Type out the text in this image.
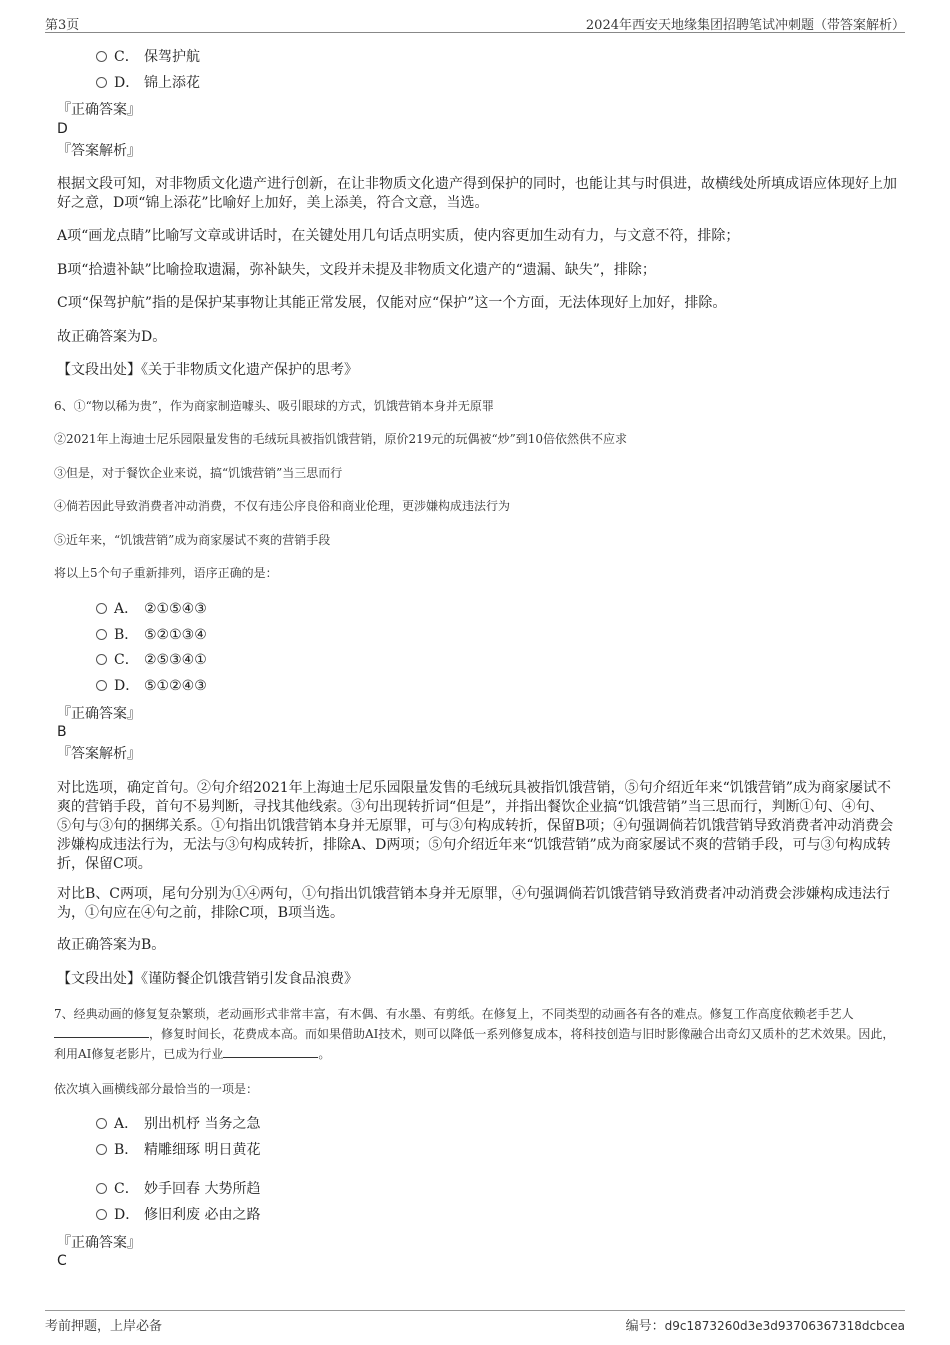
第3页	2024年西安天地缘集团招聘笔试冲刺题（带答案解析）
C． 保驾护航
D． 锦上添花
『正确答案』
D
『答案解析』
根据文段可知，对非物质文化遗产进行创新，在让非物质文化遗产得到保护的同时，也能让其与时俱进，故横线处所填成语应体现好上加好之意，D项“锦上添花”比喻好上加好，美上添美，符合文意，当选。
A项“画龙点睛”比喻写文章或讲话时，在关键处用几句话点明实质，使内容更加生动有力，与文意不符，排除；
B项“拾遗补缺”比喻捡取遗漏，弥补缺失，文段并未提及非物质文化遗产的“遗漏、缺失”，排除；
C项“保驾护航”指的是保护某事物让其能正常发展，仅能对应“保护”这一个方面，无法体现好上加好，排除。
故正确答案为D。
【文段出处】《关于非物质文化遗产保护的思考》
6、①“物以稀为贵”，作为商家制造噱头、吸引眼球的方式，饥饿营销本身并无原罪
②2021年上海迪士尼乐园限量发售的毛绒玩具被指饥饿营销，原价219元的玩偶被“炒”到10倍依然供不应求
③但是，对于餐饮企业来说，搞“饥饿营销”当三思而行
④倘若因此导致消费者冲动消费，不仅有违公序良俗和商业伦理，更涉嫌构成违法行为
⑤近年来，“饥饿营销”成为商家屡试不爽的营销手段
将以上5个句子重新排列，语序正确的是：
A． ②①⑤④③
B． ⑤②①③④
C． ②⑤③④①
D． ⑤①②④③
『正确答案』
B
『答案解析』
对比选项，确定首句。②句介绍2021年上海迪士尼乐园限量发售的毛绒玩具被指饥饿营销，⑤句介绍近年来“饥饿营销”成为商家屡试不爽的营销手段，首句不易判断，寻找其他线索。③句出现转折词“但是”，并指出餐饮企业搞“饥饿营销”当三思而行，判断①句、④句、⑤句与③句的捆绑关系。①句指出饥饿营销本身并无原罪，可与③句构成转折，保留B项；④句强调倘若饥饿营销导致消费者冲动消费会涉嫌构成违法行为，无法与③句构成转折，排除A、D两项；⑤句介绍近年来“饥饿营销”成为商家屡试不爽的营销手段，可与③句构成转折，保留C项。
对比B、C两项，尾句分别为①④两句，①句指出饥饿营销本身并无原罪，④句强调倘若饥饿营销导致消费者冲动消费会涉嫌构成违法行为，①句应在④句之前，排除C项，B项当选。
故正确答案为B。
【文段出处】《谨防餐企饥饿营销引发食品浪费》
7、经典动画的修复复杂繁琐，老动画形式非常丰富，有木偶、有水墨、有剪纸。在修复上，不同类型的动画各有各的难点。修复工作高度依赖老手艺人，修复时间长，花费成本高。而如果借助AI技术，则可以降低一系列修复成本，将科技创造与旧时影像融合出奇幻又质朴的艺术效果。因此，利用AI修复老影片，已成为行业	。
依次填入画横线部分最恰当的一项是：
A． 别出机杼 当务之急
B． 精雕细琢 明日黄花
C． 妙手回春 大势所趋
D． 修旧利废 必由之路
『正确答案』
C
考前押题，上岸必备	编号：d9c1873260d3e3d93706367318dcbcea
